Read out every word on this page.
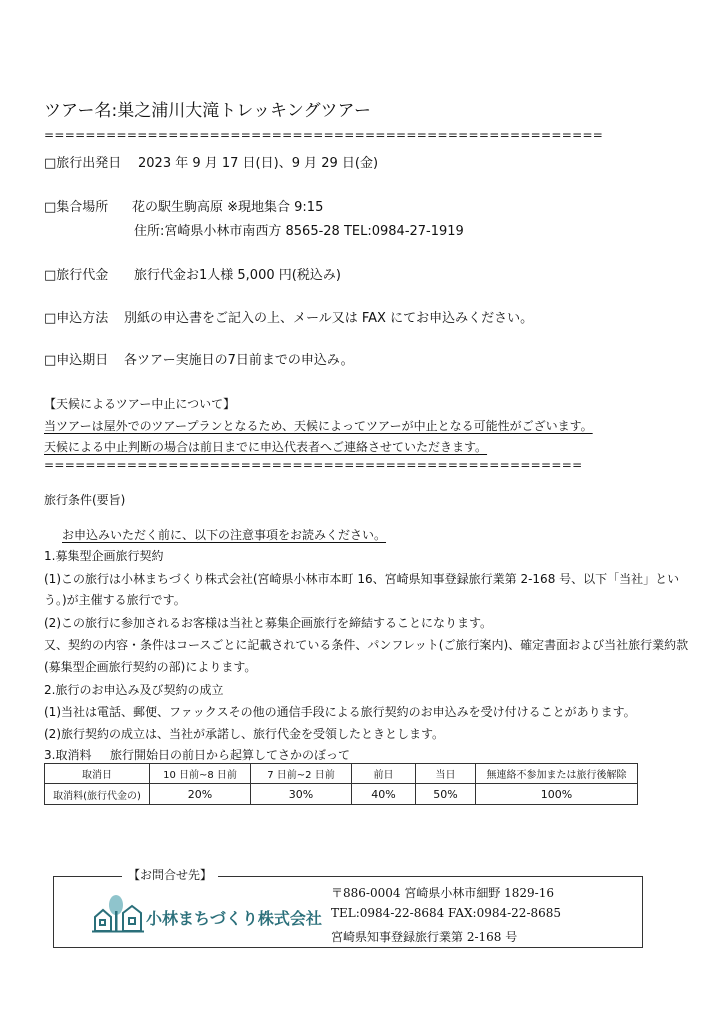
ツアー名:巣之浦川大滝トレッキングツアー
======================================================
□旅行出発日 2023 年 9 月 17 日(日)、9 月 29 日(金)
□集合場所 花の駅生駒高原 ※現地集合 9:15
住所:宮崎県小林市南西方 8565-28 TEL:0984-27-1919
□旅行代金 旅行代金お1人様 5,000 円(税込み)
□申込方法 別紙の申込書をご記入の上、メール又は FAX にてお申込みください。
□申込期日 各ツアー実施日の7日前までの申込み。
【天候によるツアー中止について】
当ツアーは屋外でのツアープランとなるため、天候によってツアーが中止となる可能性がございます。
天候による中止判断の場合は前日までに申込代表者へご連絡させていただきます。
====================================================
旅行条件(要旨)
お申込みいただく前に、以下の注意事項をお読みください。
1.募集型企画旅行契約
(1)この旅行は小林まちづくり株式会社(宮崎県小林市本町 16、宮崎県知事登録旅行業第 2-168 号、以下「当社」とい
う。)が主催する旅行です。
(2)この旅行に参加されるお客様は当社と募集企画旅行を締結することになります。
又、契約の内容・条件はコースごとに記載されている条件、パンフレット(ご旅行案内)、確定書面および当社旅行業約款
(募集型企画旅行契約の部)によります。
2.旅行のお申込み及び契約の成立
(1)当社は電話、郵便、ファックスその他の通信手段による旅行契約のお申込みを受け付けることがあります。
(2)旅行契約の成立は、当社が承諾し、旅行代金を受領したときとします。
3.取消料 旅行開始日の前日から起算してさかのぼって
取消日	10 日前~8 日前	7 日前~2 日前	前日	当日	無連絡不参加または旅行後解除
取消料(旅行代金の)	20%	30%	40%	50%	100%
【お問合せ先】
小林まちづくり株式会社
〒886-0004 宮崎県小林市細野 1829-16
TEL:0984-22-8684 FAX:0984-22-8685
宮崎県知事登録旅行業第 2-168 号
